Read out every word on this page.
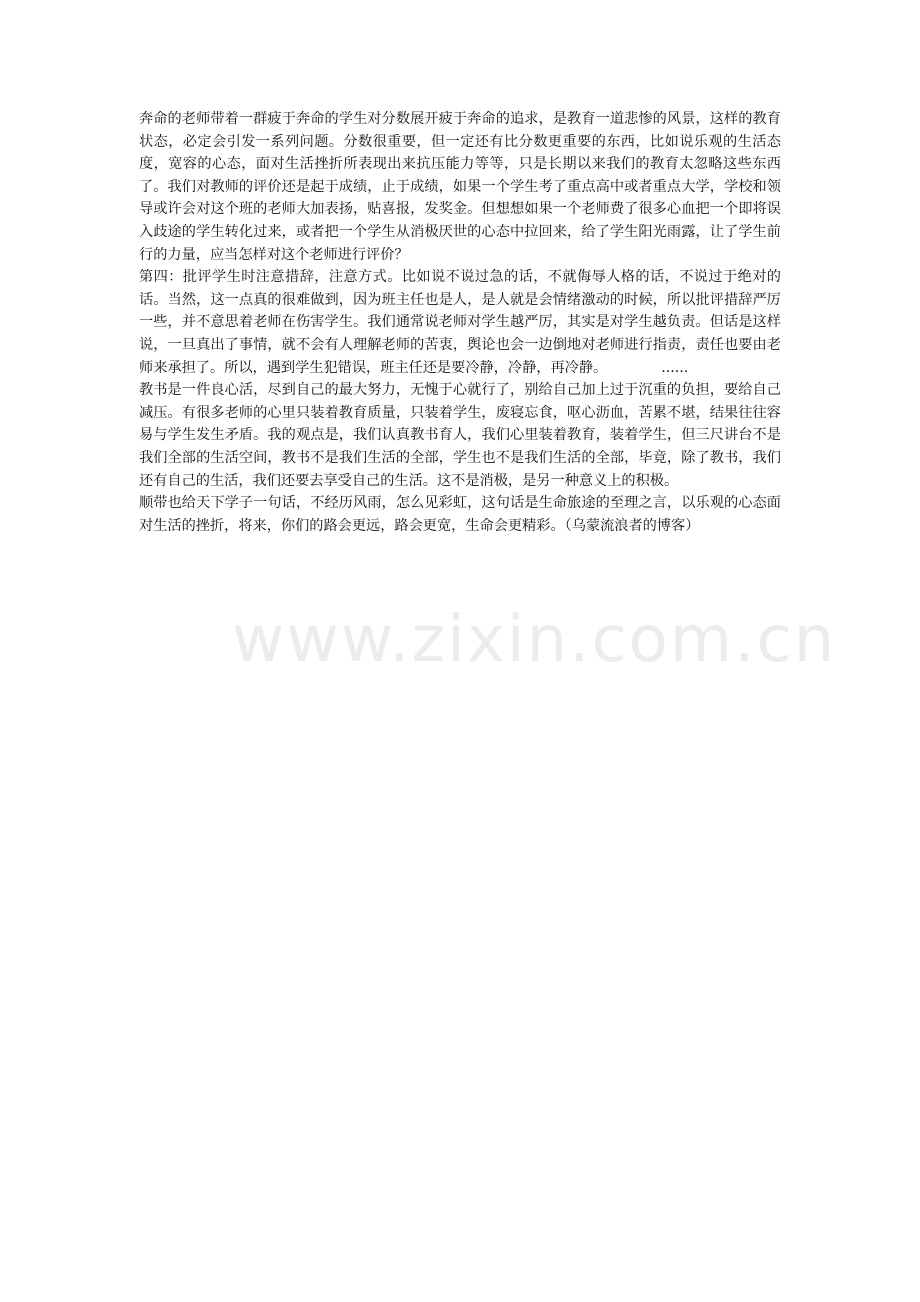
www.zixin.com.cn

奔命的老师带着一群疲于奔命的学生对分数展开疲于奔命的追求，是教育一道悲惨的风景，这样的教育状态，必定会引发一系列问题。分数很重要，但一定还有比分数更重要的东西，比如说乐观的生活态度，宽容的心态，面对生活挫折所表现出来抗压能力等等，只是长期以来我们的教育太忽略这些东西了。我们对教师的评价还是起于成绩，止于成绩，如果一个学生考了重点高中或者重点大学，学校和领导或许会对这个班的老师大加表扬，贴喜报，发奖金。但想想如果一个老师费了很多心血把一个即将误入歧途的学生转化过来，或者把一个学生从消极厌世的心态中拉回来，给了学生阳光雨露，让了学生前行的力量，应当怎样对这个老师进行评价？

第四：批评学生时注意措辞，注意方式。比如说不说过急的话，不就侮辱人格的话，不说过于绝对的话。当然，这一点真的很难做到，因为班主任也是人，是人就是会情绪激动的时候，所以批评措辞严厉一些，并不意思着老师在伤害学生。我们通常说老师对学生越严厉，其实是对学生越负责。但话是这样说，一旦真出了事情，就不会有人理解老师的苦衷，舆论也会一边倒地对老师进行指责，责任也要由老师来承担了。所以，遇到学生犯错误，班主任还是要冷静，冷静，再冷静。	......

教书是一件良心活，尽到自己的最大努力，无愧于心就行了，别给自己加上过于沉重的负担，要给自己减压。有很多老师的心里只装着教育质量，只装着学生，废寝忘食，呕心沥血，苦累不堪，结果往往容易与学生发生矛盾。我的观点是，我们认真教书育人，我们心里装着教育，装着学生，但三尺讲台不是我们全部的生活空间，教书不是我们生活的全部，学生也不是我们生活的全部，毕竟，除了教书，我们还有自己的生活，我们还要去享受自己的生活。这不是消极，是另一种意义上的积极。

顺带也给天下学子一句话，不经历风雨，怎么见彩虹，这句话是生命旅途的至理之言，以乐观的心态面对生活的挫折，将来，你们的路会更远，路会更宽，生命会更精彩。（乌蒙流浪者的博客）
